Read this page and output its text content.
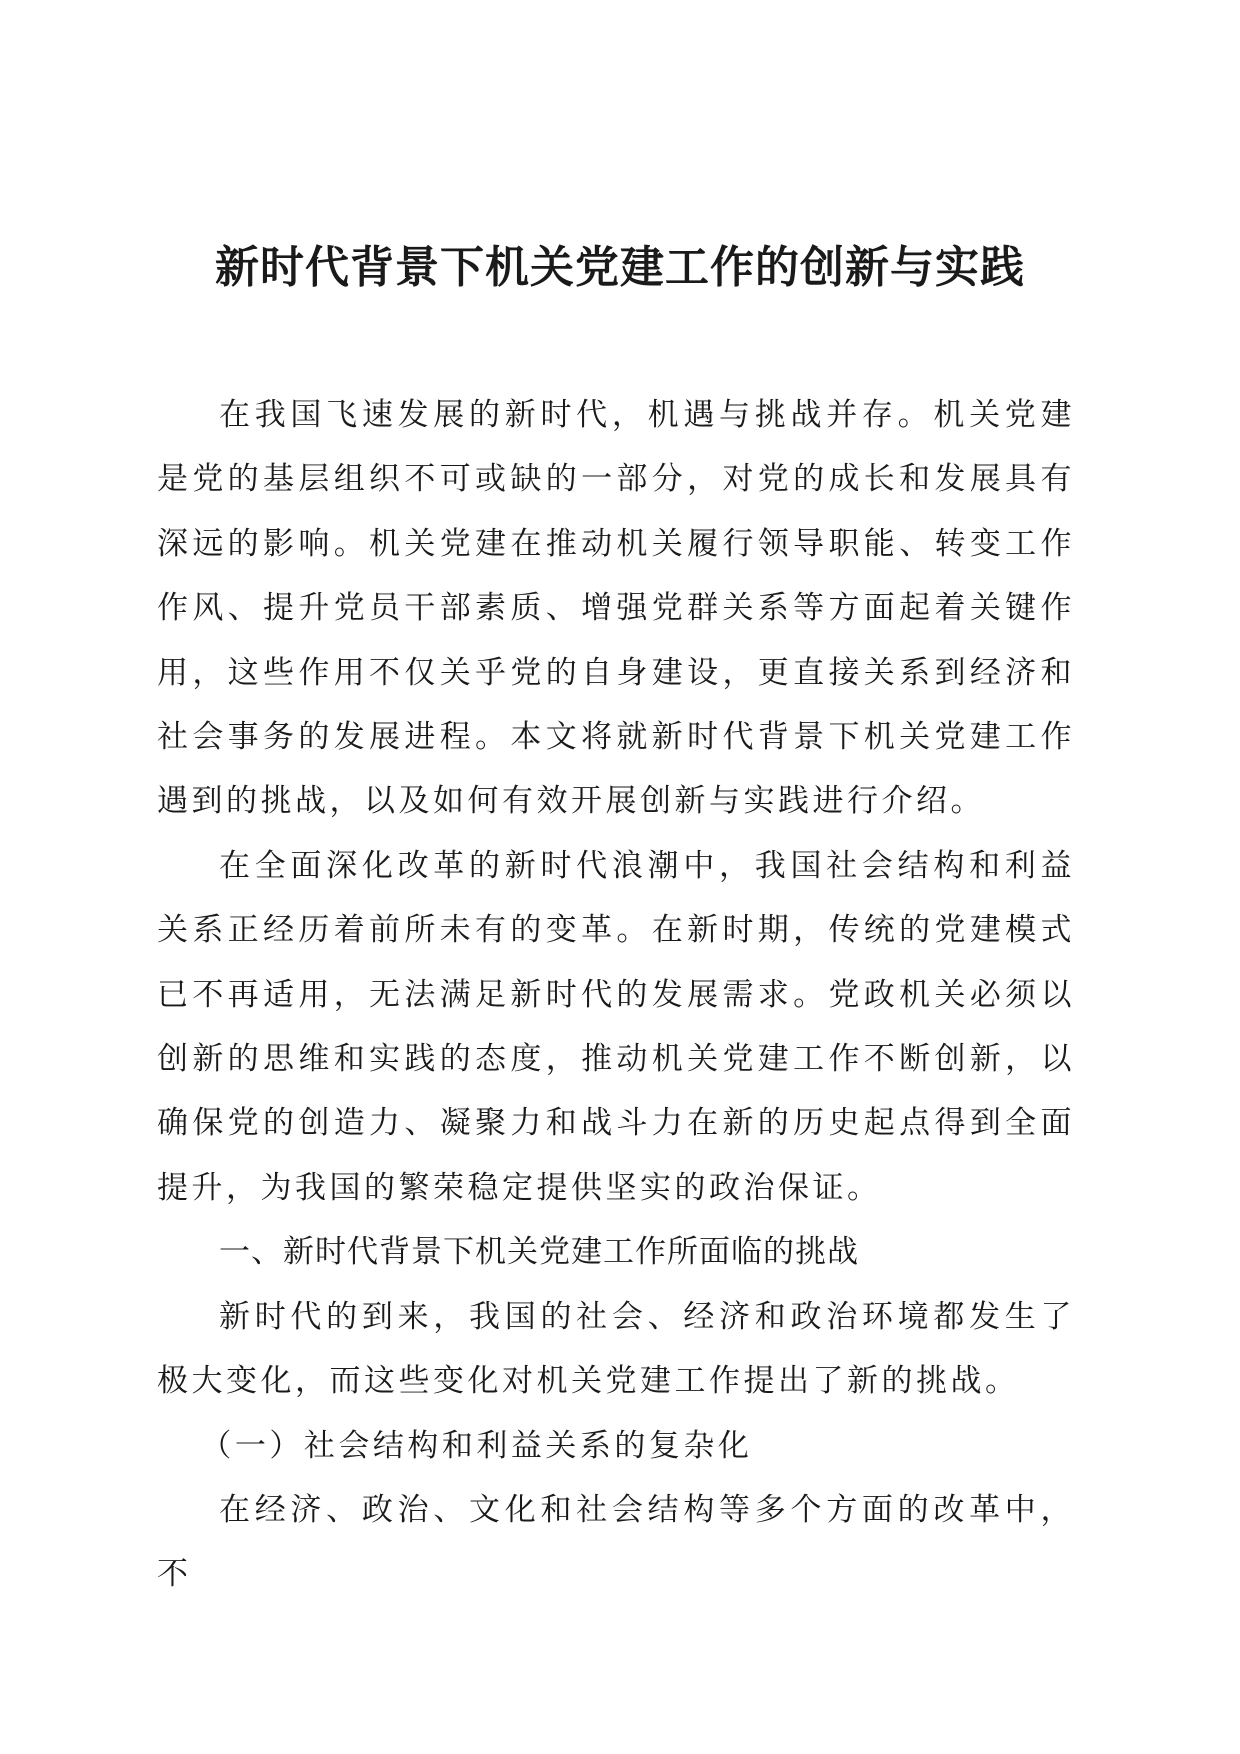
新时代背景下机关党建工作的创新与实践

在我国飞速发展的新时代，机遇与挑战并存。机关党建是党的基层组织不可或缺的一部分，对党的成长和发展具有深远的影响。机关党建在推动机关履行领导职能、转变工作作风、提升党员干部素质、增强党群关系等方面起着关键作用，这些作用不仅关乎党的自身建设，更直接关系到经济和社会事务的发展进程。本文将就新时代背景下机关党建工作遇到的挑战，以及如何有效开展创新与实践进行介绍。

在全面深化改革的新时代浪潮中，我国社会结构和利益关系正经历着前所未有的变革。在新时期，传统的党建模式已不再适用，无法满足新时代的发展需求。党政机关必须以创新的思维和实践的态度，推动机关党建工作不断创新，以确保党的创造力、凝聚力和战斗力在新的历史起点得到全面提升，为我国的繁荣稳定提供坚实的政治保证。

一、新时代背景下机关党建工作所面临的挑战

新时代的到来，我国的社会、经济和政治环境都发生了极大变化，而这些变化对机关党建工作提出了新的挑战。

（一）社会结构和利益关系的复杂化

在经济、政治、文化和社会结构等多个方面的改革中，不
